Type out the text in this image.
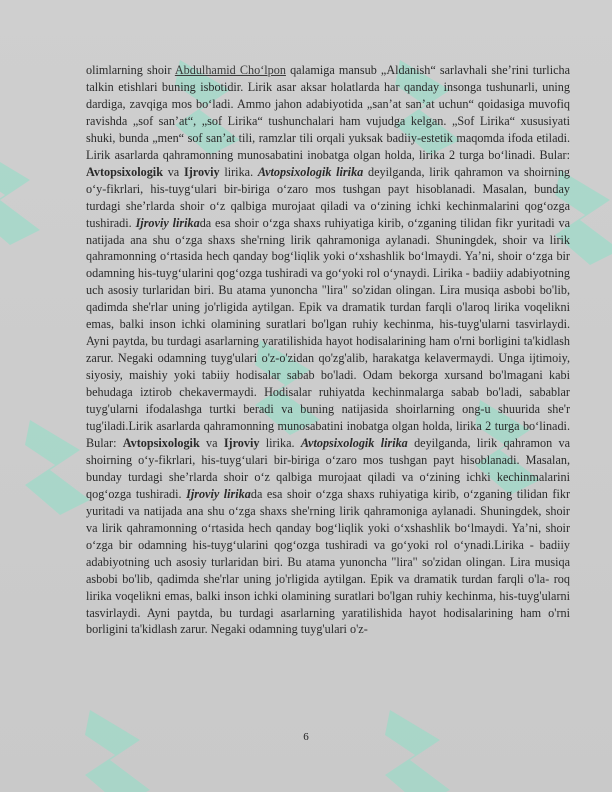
olimlarning shoir Abdulhamid Cho‘lpon qalamiga mansub „Aldanish“ sarlavhali she’rini turlicha talkin etishlari buning isbotidir. Lirik asar aksar holatlarda har qanday insonga tushunarli, uning dardiga, zavqiga mos bo‘ladi. Ammo jahon adabiyotida „san’at san’at uchun“ qoidasiga muvofiq ravishda „sof san’at“, „sof Lirika“ tushunchalari ham vujudga kelgan. „Sof Lirika“ xususiyati shuki, bunda „men“ sof san’at tili, ramzlar tili orqali yuksak badiiy-estetik maqomda ifoda etiladi. Lirik asarlarda qahramonning munosabatini inobatga olgan holda, lirika 2 turga bo‘linadi. Bular: Avtopsixologik va Ijroviy lirika. Avtopsixologik lirika deyilganda, lirik qahramon va shoirning o‘y-fikrlari, his-tuyg‘ulari bir-biriga o‘zaro mos tushgan payt hisoblanadi. Masalan, bunday turdagi she’rlarda shoir o‘z qalbiga murojaat qiladi va o‘zining ichki kechinmalarini qog‘ozga tushiradi. Ijroviy lirikada esa shoir o‘zga shaxs ruhiyatiga kirib, o‘zganing tilidan fikr yuritadi va natijada ana shu o‘zga shaxs she'rning lirik qahramoniga aylanadi. Shuningdek, shoir va lirik qahramonning o‘rtasida hech qanday bog‘liqlik yoki o‘xshashlik bo‘lmaydi. Ya’ni, shoir o‘zga bir odamning his-tuyg‘ularini qog‘ozga tushiradi va go‘yoki rol o‘ynaydi. Lirika - badiiy adabiyotning uch asosiy turlaridan biri. Bu atama yunoncha "lira" so'zidan olingan. Lira musiqa asbobi bo'lib, qadimda she'rlar uning jo'rligida aytilgan. Epik va dramatik turdan farqli o'laroq lirika voqelikni emas, balki inson ichki olamining suratlari bo'lgan ruhiy kechinma, his-tuyg'ularni tasvirlaydi. Ayni paytda, bu turdagi asarlarning yaratilishida hayot hodisalarining ham o'rni borligini ta'kidlash zarur. Negaki odamning tuyg'ulari o'z-o'zidan qo'zg'alib, harakatga kelavermaydi. Unga ijtimoiy, siyosiy, maishiy yoki tabiiy hodisalar sabab bo'ladi. Odam bekorga xursand bo'lmagani kabi behudaga iztirob chekavermaydi. Hodisalar ruhiyatda kechinmalarga sabab bo'ladi, sabablar tuyg'ularni ifodalashga turtki beradi va buning natijasida shoirlarning ong-u shuurida she'r tug'iladi.Lirik asarlarda qahramonning munosabatini inobatga olgan holda, lirika 2 turga bo‘linadi. Bular: Avtopsixologik va Ijroviy lirika. Avtopsixologik lirika deyilganda, lirik qahramon va shoirning o‘y-fikrlari, his-tuyg‘ulari bir-biriga o‘zaro mos tushgan payt hisoblanadi. Masalan, bunday turdagi she’rlarda shoir o‘z qalbiga murojaat qiladi va o‘zining ichki kechinmalarini qog‘ozga tushiradi. Ijroviy lirikada esa shoir o‘zga shaxs ruhiyatiga kirib, o‘zganing tilidan fikr yuritadi va natijada ana shu o‘zga shaxs she'rning lirik qahramoniga aylanadi. Shuningdek, shoir va lirik qahramonning o‘rtasida hech qanday bog‘liqlik yoki o‘xshashlik bo‘lmaydi. Ya’ni, shoir o‘zga bir odamning his-tuyg‘ularini qog‘ozga tushiradi va go‘yoki rol o‘ynadi.Lirika - badiiy adabiyotning uch asosiy turlaridan biri. Bu atama yunoncha "lira" so'zidan olingan. Lira musiqa asbobi bo'lib, qadimda she'rlar uning jo'rligida aytilgan. Epik va dramatik turdan farqli o'la- roq lirika voqelikni emas, balki inson ichki olamining suratlari bo'lgan ruhiy kechinma, his-tuyg'ularni tasvirlaydi. Ayni paytda, bu turdagi asarlarning yaratilishida hayot hodisalarining ham o'rni borligini ta'kidlash zarur. Negaki odamning tuyg'ulari o'z-

6
